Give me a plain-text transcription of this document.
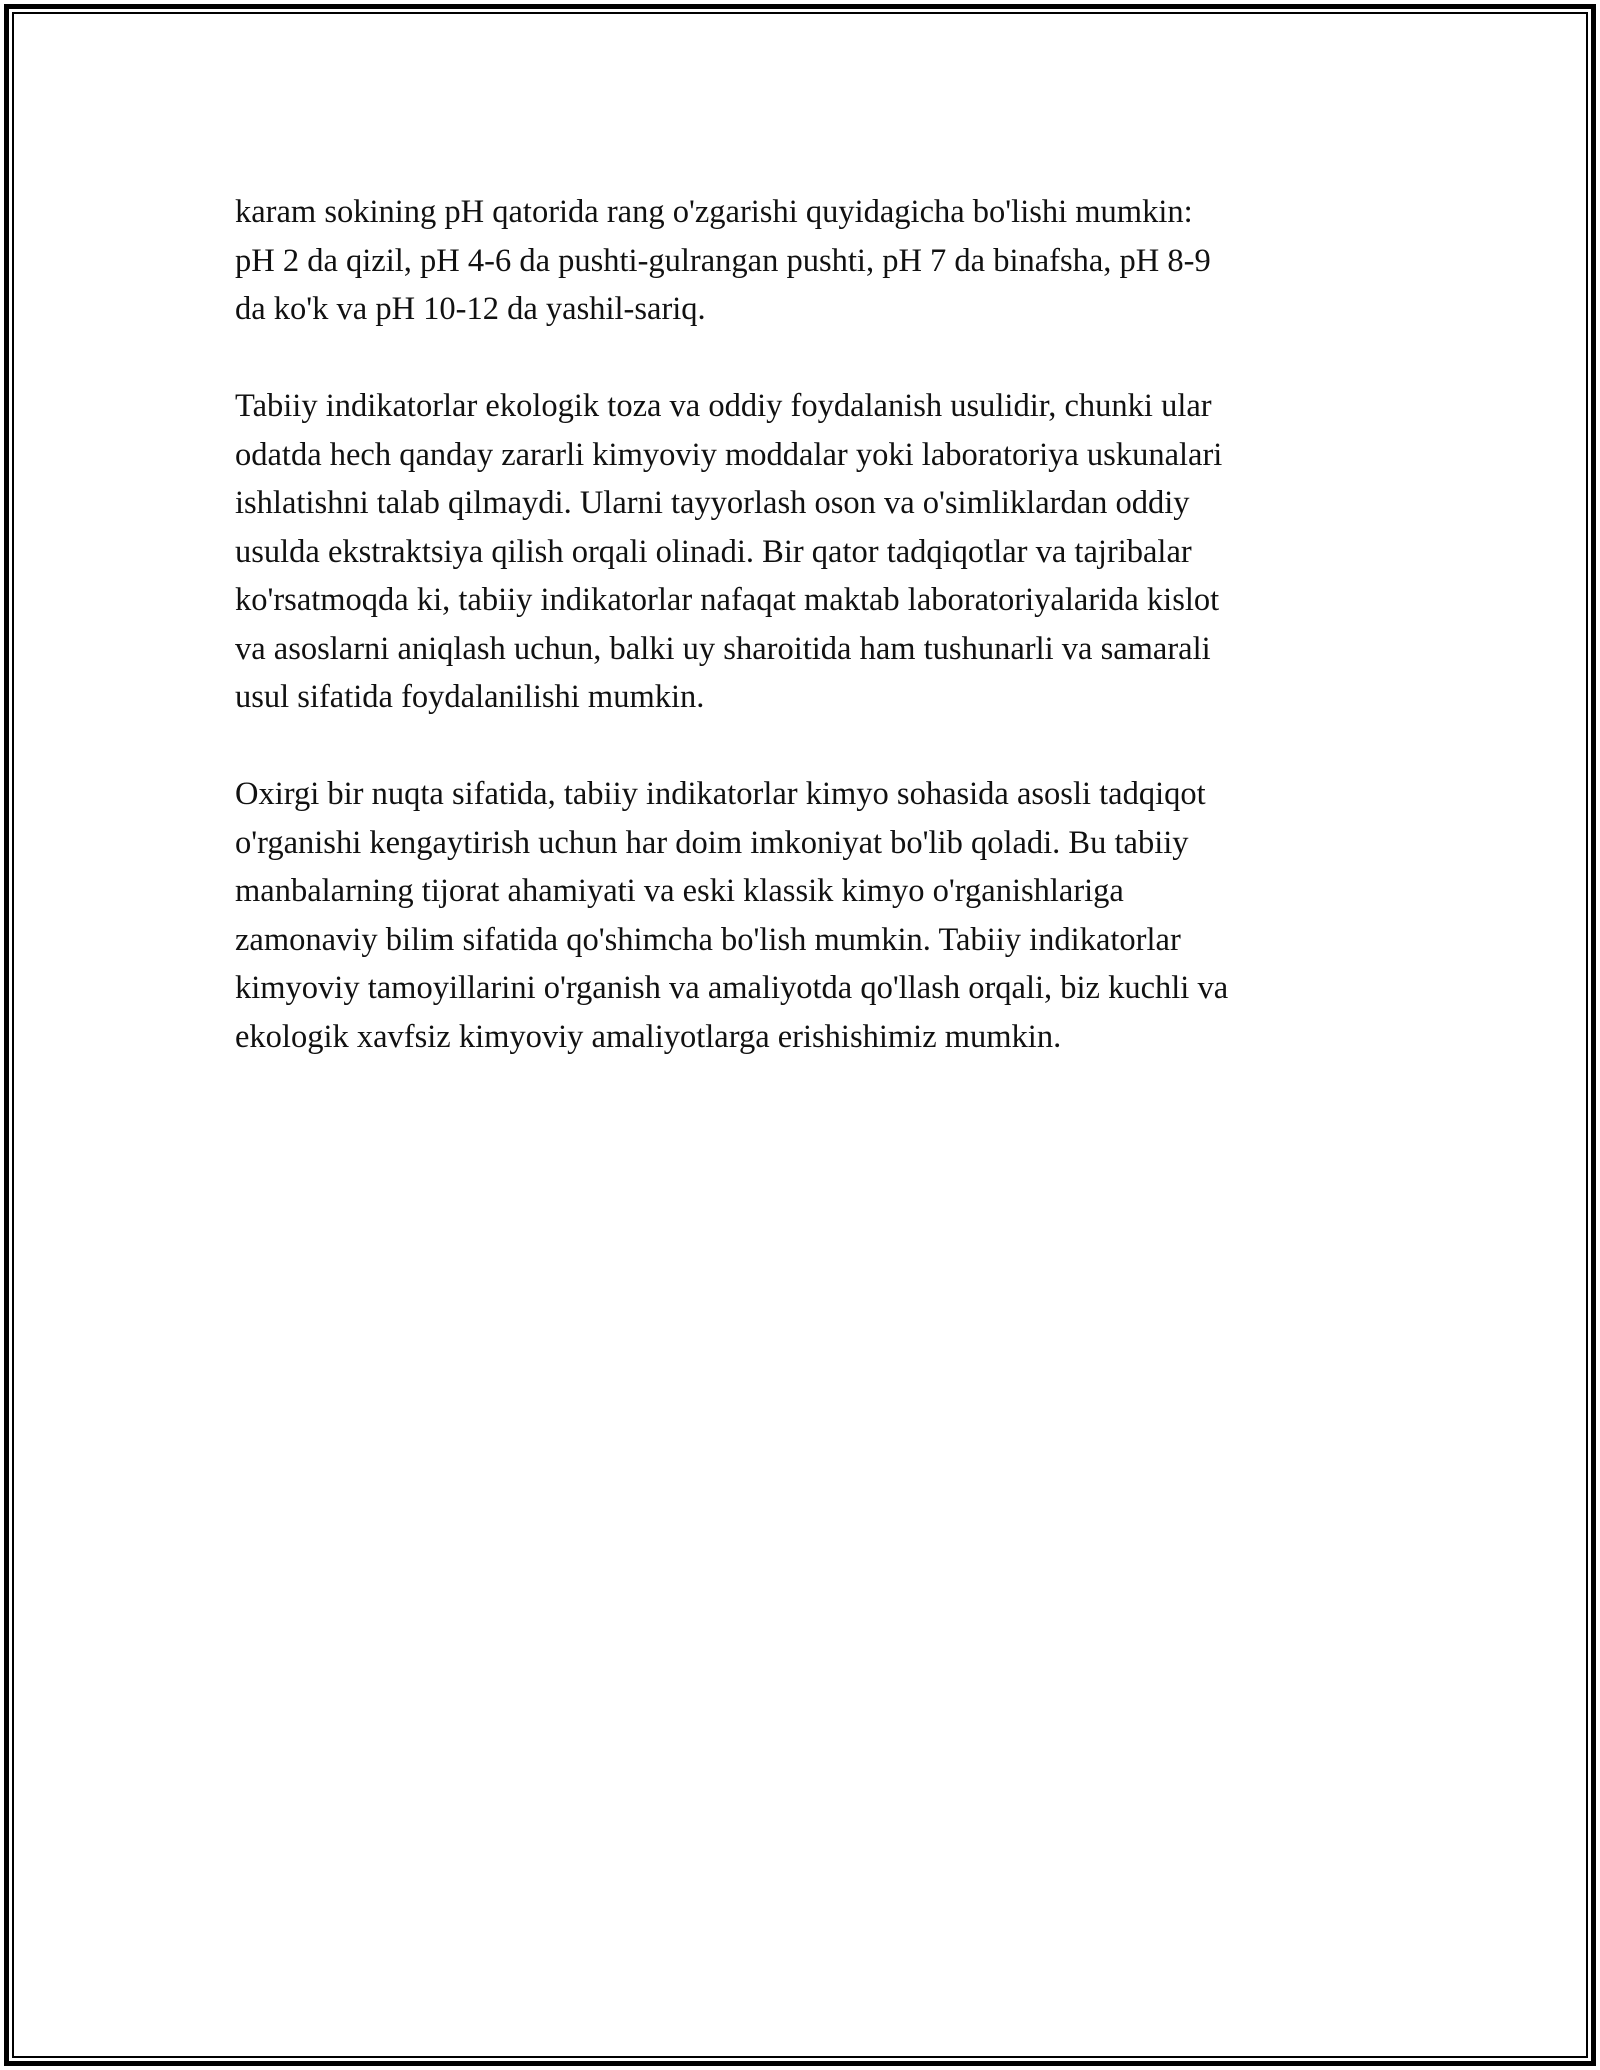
karam sokining pH qatorida rang o'zgarishi quyidagicha bo'lishi mumkin:
pH 2 da qizil, pH 4-6 da pushti-gulrangan pushti, pH 7 da binafsha, pH 8-9
da ko'k va pH 10-12 da yashil-sariq.

Tabiiy indikatorlar ekologik toza va oddiy foydalanish usulidir, chunki ular
odatda hech qanday zararli kimyoviy moddalar yoki laboratoriya uskunalari
ishlatishni talab qilmaydi. Ularni tayyorlash oson va o'simliklardan oddiy
usulda ekstraktsiya qilish orqali olinadi. Bir qator tadqiqotlar va tajribalar
ko'rsatmoqda ki, tabiiy indikatorlar nafaqat maktab laboratoriyalarida kislot
va asoslarni aniqlash uchun, balki uy sharoitida ham tushunarli va samarali
usul sifatida foydalanilishi mumkin.

Oxirgi bir nuqta sifatida, tabiiy indikatorlar kimyo sohasida asosli tadqiqot
o'rganishi kengaytirish uchun har doim imkoniyat bo'lib qoladi. Bu tabiiy
manbalarning tijorat ahamiyati va eski klassik kimyo o'rganishlariga
zamonaviy bilim sifatida qo'shimcha bo'lish mumkin. Tabiiy indikatorlar
kimyoviy tamoyillarini o'rganish va amaliyotda qo'llash orqali, biz kuchli va
ekologik xavfsiz kimyoviy amaliyotlarga erishishimiz mumkin.
